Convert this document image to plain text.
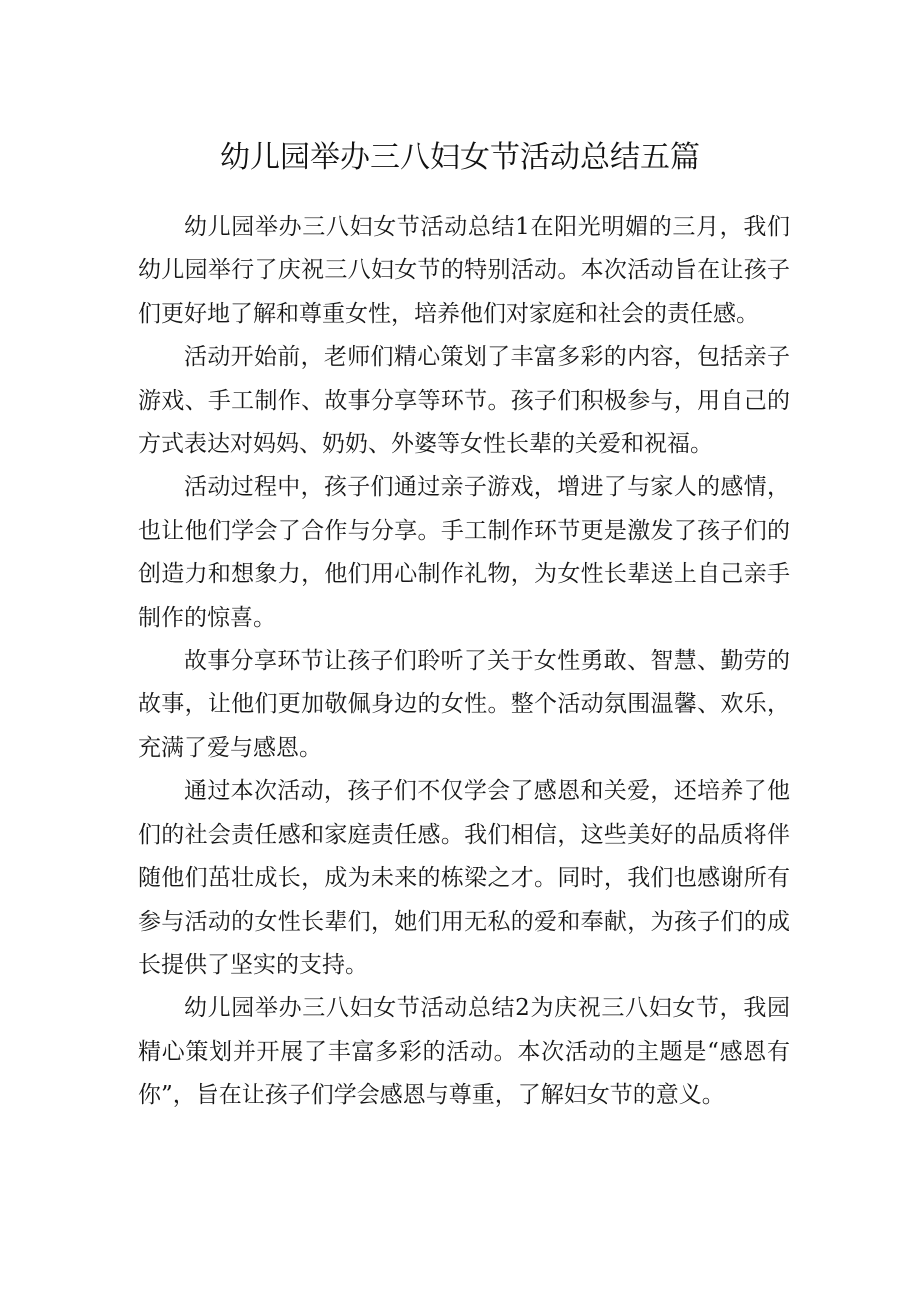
幼儿园举办三八妇女节活动总结五篇

幼儿园举办三八妇女节活动总结1在阳光明媚的三月，我们幼儿园举行了庆祝三八妇女节的特别活动。本次活动旨在让孩子们更好地了解和尊重女性，培养他们对家庭和社会的责任感。

活动开始前，老师们精心策划了丰富多彩的内容，包括亲子游戏、手工制作、故事分享等环节。孩子们积极参与，用自己的方式表达对妈妈、奶奶、外婆等女性长辈的关爱和祝福。

活动过程中，孩子们通过亲子游戏，增进了与家人的感情，也让他们学会了合作与分享。手工制作环节更是激发了孩子们的创造力和想象力，他们用心制作礼物，为女性长辈送上自己亲手制作的惊喜。

故事分享环节让孩子们聆听了关于女性勇敢、智慧、勤劳的故事，让他们更加敬佩身边的女性。整个活动氛围温馨、欢乐，充满了爱与感恩。

通过本次活动，孩子们不仅学会了感恩和关爱，还培养了他们的社会责任感和家庭责任感。我们相信，这些美好的品质将伴随他们茁壮成长，成为未来的栋梁之才。同时，我们也感谢所有参与活动的女性长辈们，她们用无私的爱和奉献，为孩子们的成长提供了坚实的支持。

幼儿园举办三八妇女节活动总结2为庆祝三八妇女节，我园精心策划并开展了丰富多彩的活动。本次活动的主题是“感恩有你”，旨在让孩子们学会感恩与尊重，了解妇女节的意义。
